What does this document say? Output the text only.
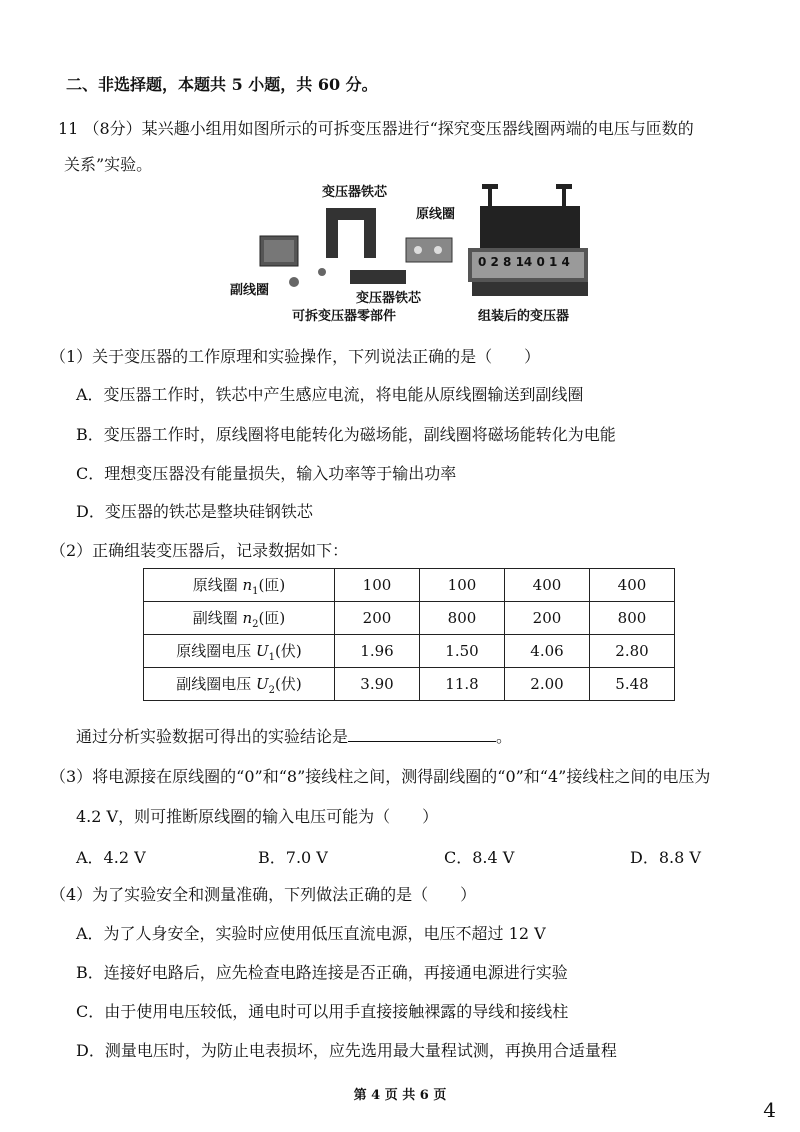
二、非选择题，本题共 5 小题，共 60 分。
11 （8分）某兴趣小组用如图所示的可拆变压器进行“探究变压器线圈两端的电压与匝数的
关系”实验。
0 2 8 14 0 1 4
变压器铁芯
原线圈
副线圈
变压器铁芯
可拆变压器零部件	组装后的变压器
（1）关于变压器的工作原理和实验操作，下列说法正确的是（　　）
A．变压器工作时，铁芯中产生感应电流，将电能从原线圈输送到副线圈
B．变压器工作时，原线圈将电能转化为磁场能，副线圈将磁场能转化为电能
C．理想变压器没有能量损失，输入功率等于输出功率
D．变压器的铁芯是整块硅钢铁芯
（2）正确组装变压器后，记录数据如下：
原线圈 $n_1$(匝)	100	100	400	400
副线圈 $n_2$(匝)	200	800	200	800
原线圈电压 $U_1$(伏)	1.96	1.50	4.06	2.80
副线圈电压 $U_2$(伏)	3.90	11.8	2.00	5.48
通过分析实验数据可得出的实验结论是	。
（3）将电源接在原线圈的“0”和“8”接线柱之间，测得副线圈的“0”和“4”接线柱之间的电压为
4.2 V，则可推断原线圈的输入电压可能为（　　）
A．4.2 V	B．7.0 V	C．8.4 V	D．8.8 V
（4）为了实验安全和测量准确，下列做法正确的是（　　）
A．为了人身安全，实验时应使用低压直流电源，电压不超过 12 V
B．连接好电路后，应先检查电路连接是否正确，再接通电源进行实验
C．由于使用电压较低，通电时可以用手直接接触裸露的导线和接线柱
D．测量电压时，为防止电表损坏，应先选用最大量程试测，再换用合适量程
第 4 页 共 6 页
4
